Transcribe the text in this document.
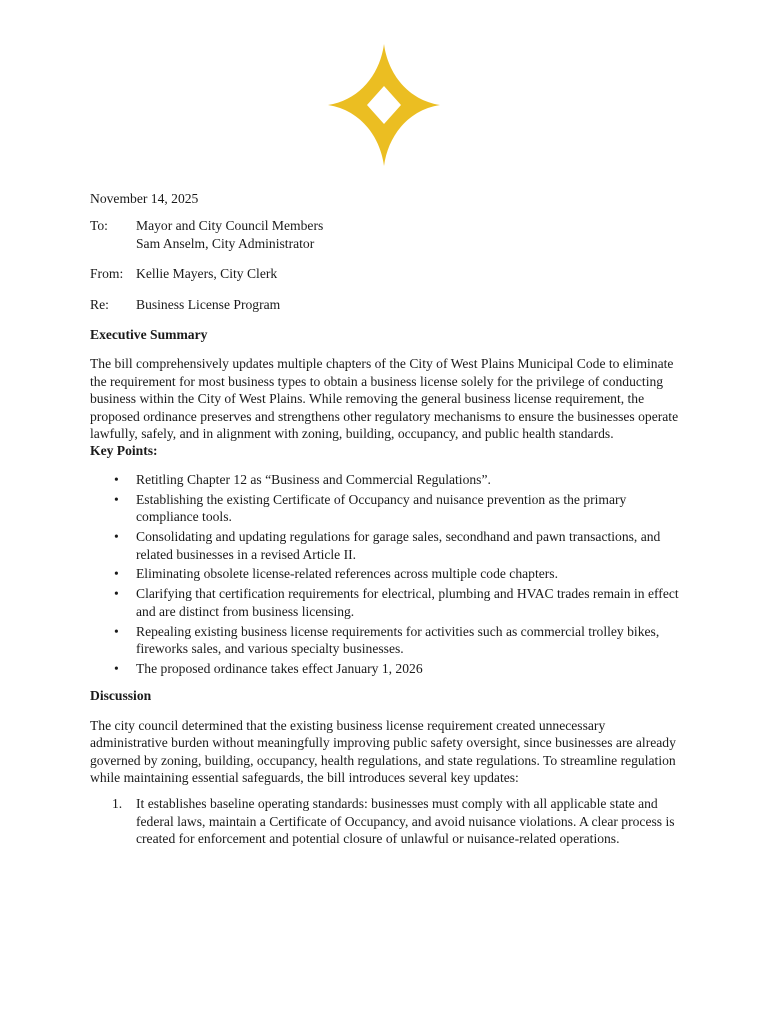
November 14, 2025
To:	Mayor and City Council Members
Sam Anselm, City Administrator
From: Kellie Mayers, City Clerk
Re:	Business License Program
Executive Summary

The bill comprehensively updates multiple chapters of the City of West Plains Municipal Code to eliminate the requirement for most business types to obtain a business license solely for the privilege of conducting business within the City of West Plains. While removing the general business license requirement, the proposed ordinance preserves and strengthens other regulatory mechanisms to ensure the businesses operate lawfully, safely, and in alignment with zoning, building, occupancy, and public health standards.

Key Points:
• Retitling Chapter 12 as “Business and Commercial Regulations”.
• Establishing the existing Certificate of Occupancy and nuisance prevention as the primary compliance tools.
• Consolidating and updating regulations for garage sales, secondhand and pawn transactions, and related businesses in a revised Article II.
• Eliminating obsolete license-related references across multiple code chapters.
• Clarifying that certification requirements for electrical, plumbing and HVAC trades remain in effect and are distinct from business licensing.
• Repealing existing business license requirements for activities such as commercial trolley bikes, fireworks sales, and various specialty businesses.
• The proposed ordinance takes effect January 1, 2026
Discussion

The city council determined that the existing business license requirement created unnecessary administrative burden without meaningfully improving public safety oversight, since businesses are already governed by zoning, building, occupancy, health regulations, and state regulations. To streamline regulation while maintaining essential safeguards, the bill introduces several key updates:

1. It establishes baseline operating standards: businesses must comply with all applicable state and federal laws, maintain a Certificate of Occupancy, and avoid nuisance violations. A clear process is created for enforcement and potential closure of unlawful or nuisance-related operations.
